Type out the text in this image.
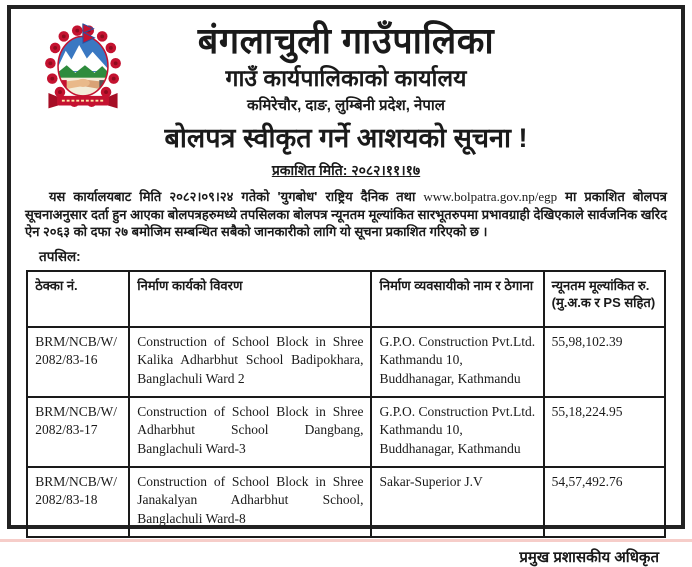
बंगलाचुली गाउँपालिका
गाउँ कार्यपालिकाको कार्यालय
कमिरेचौर, दाङ, लुम्बिनी प्रदेश, नेपाल
बोलपत्र स्वीकृत गर्ने आशयको सूचना !
प्रकाशित मिति: २०८२।११।१७

यस कार्यालयबाट मिति २०८२।०९।२४ गतेको 'युगबोध' राष्ट्रिय दैनिक तथा www.bolpatra.gov.np/egp मा प्रकाशित बोलपत्र सूचनाअनुसार दर्ता हुन आएका बोलपत्रहरुमध्ये तपसिलका बोलपत्र न्यूनतम मूल्यांकित सारभूतरुपमा प्रभावग्राही देखिएकाले सार्वजनिक खरिद ऐन २०६३ को दफा २७ बमोजिम सम्बन्धित सबैको जानकारीको लागि यो सूचना प्रकाशित गरिएको छ ।

तपसिल:
ठेक्का नं.	निर्माण कार्यको विवरण	निर्माण व्यवसायीको नाम र ठेगाना	न्यूनतम मूल्यांकित रु.
(मु.अ.क र PS सहित)

BRM/NCB/W/2082/83-16	Construction of School Block in Shree Kalika Adharbhut School Badipokhara, Banglachuli Ward 2	G.P.O. Construction Pvt.Ltd. Kathmandu 10, Buddhanagar, Kathmandu	55,98,102.39
BRM/NCB/W/2082/83-17	Construction of School Block in Shree Adharbhut School Dangbang, Banglachuli Ward-3	G.P.O. Construction Pvt.Ltd. Kathmandu 10, Buddhanagar, Kathmandu	55,18,224.95
BRM/NCB/W/2082/83-18	Construction of School Block in Shree Janakalyan Adharbhut School, Banglachuli Ward-8	Sakar-Superior J.V	54,57,492.76
प्रमुख प्रशासकीय अधिकृत
